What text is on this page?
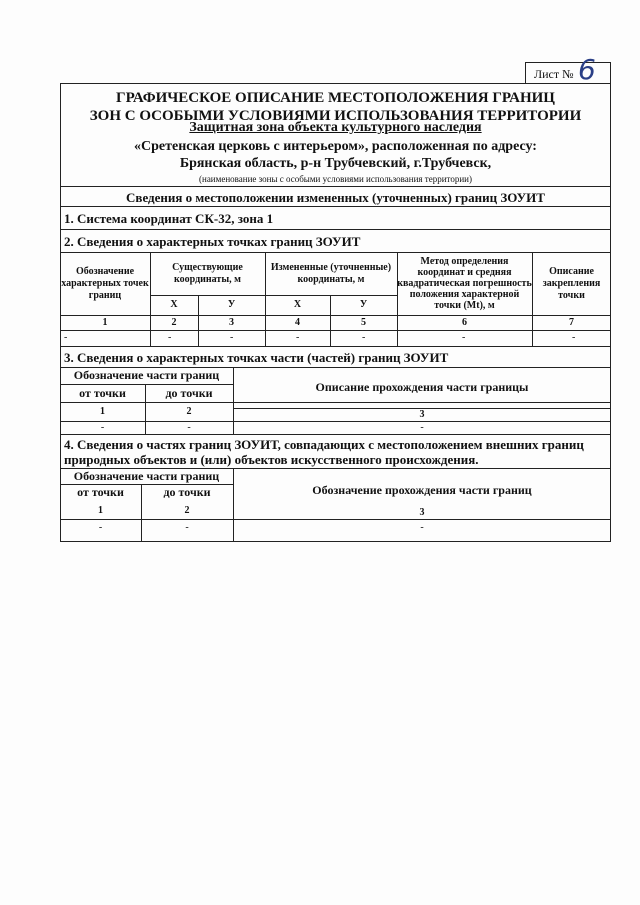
Лист № 6
ГРАФИЧЕСКОЕ ОПИСАНИЕ МЕСТОПОЛОЖЕНИЯ ГРАНИЦ
ЗОН С ОСОБЫМИ УСЛОВИЯМИ ИСПОЛЬЗОВАНИЯ ТЕРРИТОРИИ
Защитная зона объекта культурного наследия
«Сретенская церковь с интерьером», расположенная по адресу:
Брянская область, р-н Трубчевский, г.Трубчевск,
(наименование зоны с особыми условиями использования территории)
Сведения о местоположении измененных (уточненных) границ ЗОУИТ
1. Система координат СК-32, зона 1
2. Сведения о характерных точках границ ЗОУИТ
Обозначение характерных точек границ
Существующие координаты, м
Измененные (уточненные) координаты, м
Метод определения координат и средняя квадратическая погрешность положения характерной точки (Mt), м
Описание закрепления точки
X	У	X	У
1	2	3	4	5	6	7
-	-	-	-	-	-	-
3. Сведения о характерных точках части (частей) границ ЗОУИТ
Обозначение части границ
Описание прохождения части границы
от точки	до точки
1	2	3
-	-	-
4. Сведения о частях границ ЗОУИТ, совпадающих с местоположением внешних границ
природных объектов и (или) объектов искусственного происхождения.
Обозначение части границ
Обозначение прохождения части границ
от точки	до точки
1	2	3
-	-	-
